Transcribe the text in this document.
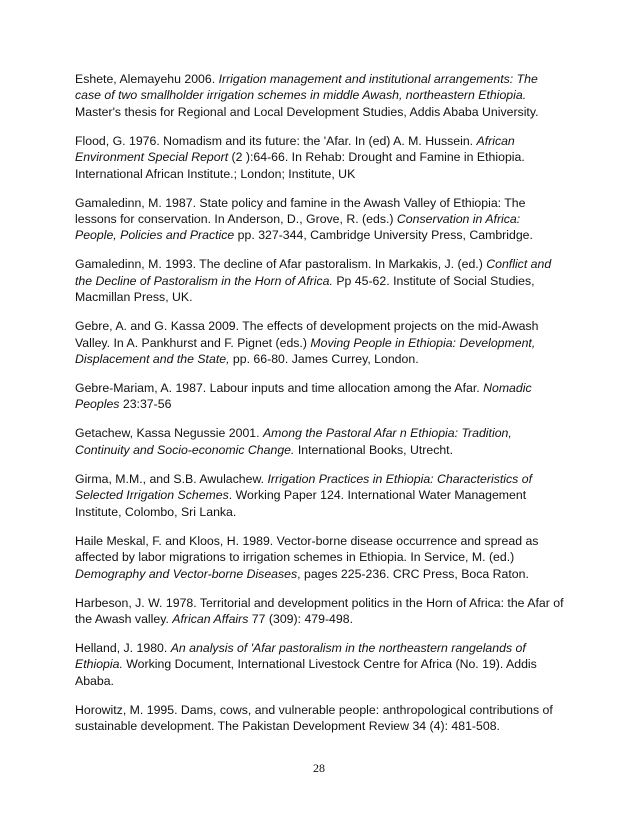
Eshete, Alemayehu 2006. Irrigation management and institutional arrangements: The case of two smallholder irrigation schemes in middle Awash, northeastern Ethiopia. Master's thesis for Regional and Local Development Studies, Addis Ababa University.

Flood, G. 1976. Nomadism and its future: the 'Afar. In (ed) A. M. Hussein. African Environment Special Report (2 ):64-66. In Rehab: Drought and Famine in Ethiopia. International African Institute.; London; Institute, UK

Gamaledinn, M. 1987. State policy and famine in the Awash Valley of Ethiopia: The lessons for conservation. In Anderson, D., Grove, R. (eds.) Conservation in Africa: People, Policies and Practice pp. 327-344, Cambridge University Press, Cambridge.

Gamaledinn, M. 1993. The decline of Afar pastoralism. In Markakis, J. (ed.) Conflict and the Decline of Pastoralism in the Horn of Africa. Pp 45-62. Institute of Social Studies, Macmillan Press, UK.

Gebre, A. and G. Kassa 2009. The effects of development projects on the mid-Awash Valley. In A. Pankhurst and F. Pignet (eds.) Moving People in Ethiopia: Development, Displacement and the State, pp. 66-80. James Currey, London.

Gebre-Mariam, A. 1987. Labour inputs and time allocation among the Afar. Nomadic Peoples 23:37-56

Getachew, Kassa Negussie 2001. Among the Pastoral Afar n Ethiopia: Tradition, Continuity and Socio-economic Change. International Books, Utrecht.

Girma, M.M., and S.B. Awulachew. Irrigation Practices in Ethiopia: Characteristics of Selected Irrigation Schemes. Working Paper 124. International Water Management Institute, Colombo, Sri Lanka.

Haile Meskal, F. and Kloos, H. 1989. Vector-borne disease occurrence and spread as affected by labor migrations to irrigation schemes in Ethiopia. In Service, M. (ed.) Demography and Vector-borne Diseases, pages 225-236. CRC Press, Boca Raton.

Harbeson, J. W. 1978. Territorial and development politics in the Horn of Africa: the Afar of the Awash valley. African Affairs 77 (309): 479-498.

Helland, J. 1980. An analysis of 'Afar pastoralism in the northeastern rangelands of Ethiopia. Working Document, International Livestock Centre for Africa (No. 19). Addis Ababa.

Horowitz, M. 1995. Dams, cows, and vulnerable people: anthropological contributions of sustainable development. The Pakistan Development Review 34 (4): 481-508.

28
